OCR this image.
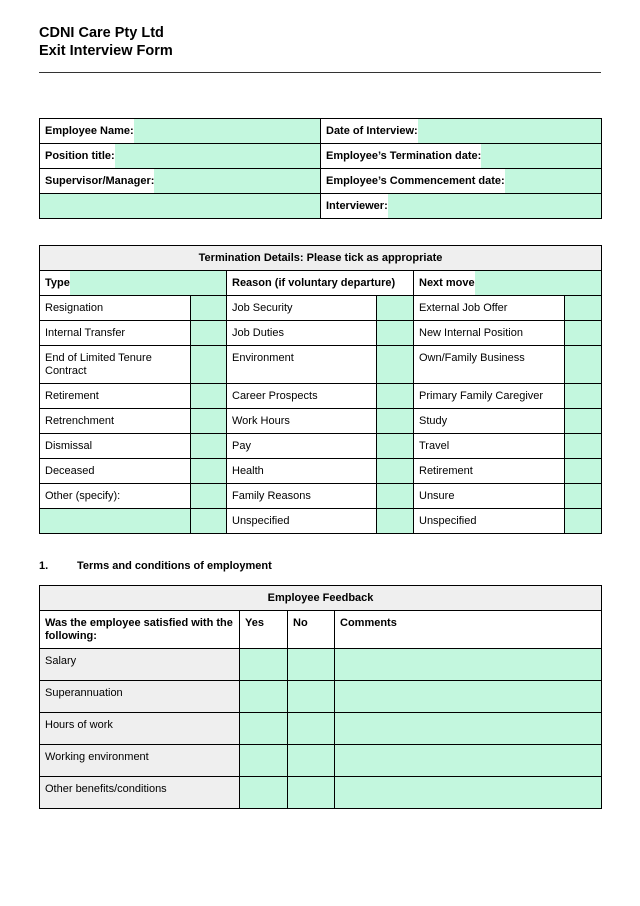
CDNI Care Pty Ltd
Exit Interview Form
Employee Name:	Date of Interview:

Position title:	Employee’s Termination date:

Supervisor/Manager:	Employee’s Commencement date:

	Interviewer:
Termination Details: Please tick as appropriate					

Type		Reason (if voluntary departure)		Next move	

Resignation		Job Security		External Job Offer	
Internal Transfer		Job Duties		New Internal Position	
End of Limited Tenure Contract		Environment		Own/Family Business	
Retirement		Career Prospects		Primary Family Caregiver	
Retrenchment		Work Hours		Study	
Dismissal		Pay		Travel	
Deceased		Health		Retirement	
Other (specify):		Family Reasons		Unsure	
		Unspecified		Unspecified	
1.	Terms and conditions of employment
Employee Feedback			
Was the employee satisfied with the following:	Yes	No	Comments
Salary			
Superannuation			
Hours of work			
Working environment			
Other benefits/conditions			
